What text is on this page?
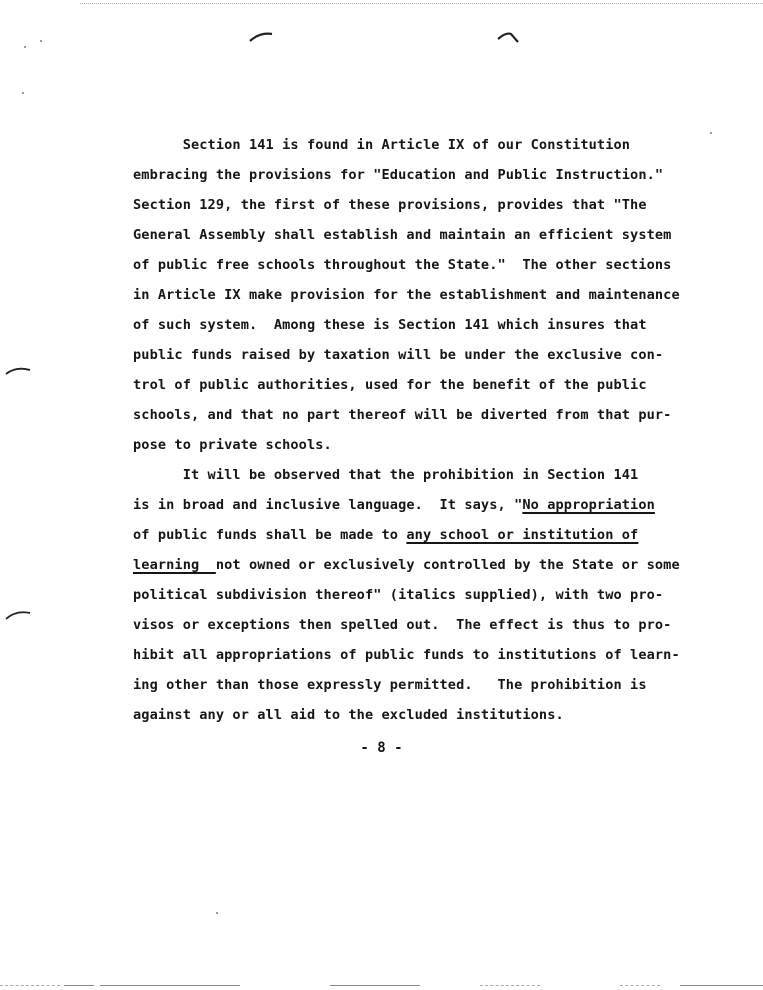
Section 141 is found in Article IX of our Constitution
embracing the provisions for "Education and Public Instruction."
Section 129, the first of these provisions, provides that "The
General Assembly shall establish and maintain an efficient system
of public free schools throughout the State."  The other sections
in Article IX make provision for the establishment and maintenance
of such system.  Among these is Section 141 which insures that
public funds raised by taxation will be under the exclusive con-
trol of public authorities, used for the benefit of the public
schools, and that no part thereof will be diverted from that pur-
pose to private schools.
It will be observed that the prohibition in Section 141
is in broad and inclusive language.  It says, "No appropriation
of public funds shall be made to any school or institution of
learning  not owned or exclusively controlled by the State or some
political subdivision thereof" (italics supplied), with two pro-
visos or exceptions then spelled out.  The effect is thus to pro-
hibit all appropriations of public funds to institutions of learn-
ing other than those expressly permitted.   The prohibition is
against any or all aid to the excluded institutions.
- 8 -
